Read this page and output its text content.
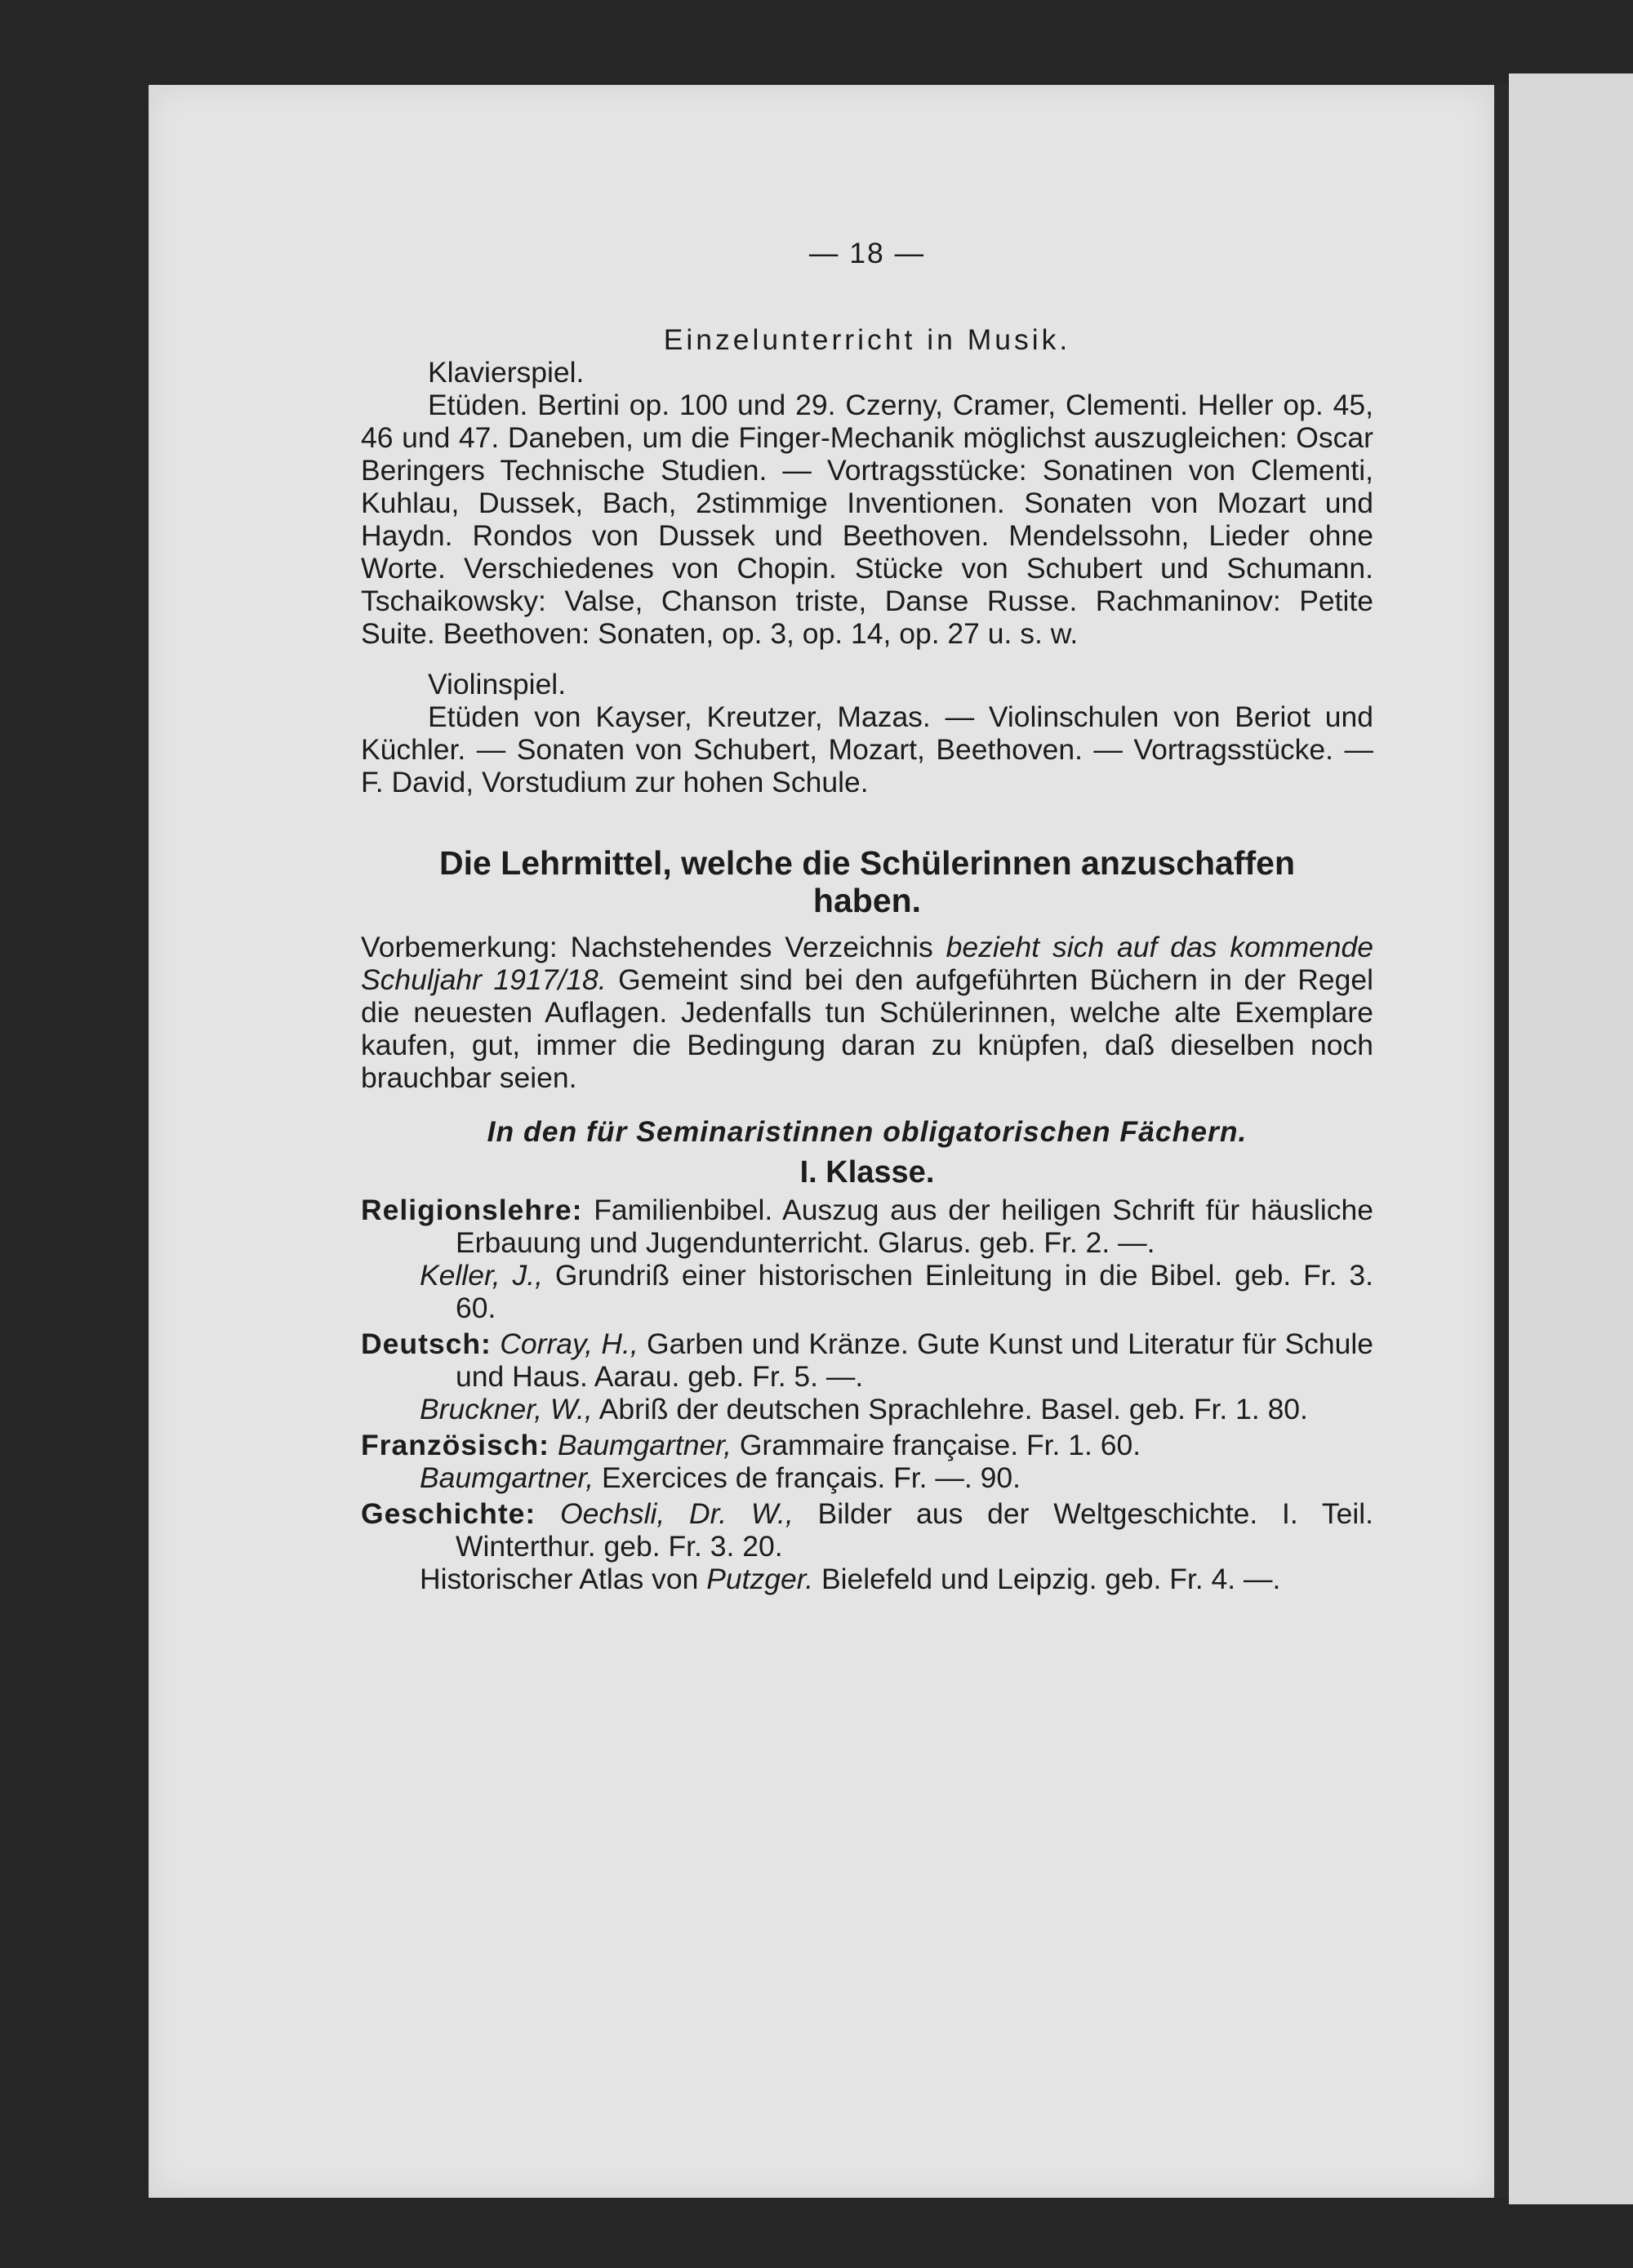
— 18 —
Einzelunterricht in Musik.
Klavierspiel.
Etüden. Bertini op. 100 und 29. Czerny, Cramer, Clementi. Heller op. 45, 46 und 47. Daneben, um die Finger-Mechanik möglichst auszugleichen: Oscar Beringers Technische Studien. — Vortragsstücke: Sonatinen von Clementi, Kuhlau, Dussek, Bach, 2stimmige Inventionen. Sonaten von Mozart und Haydn. Rondos von Dussek und Beethoven. Mendelssohn, Lieder ohne Worte. Verschiedenes von Chopin. Stücke von Schubert und Schumann. Tschaikowsky: Valse, Chanson triste, Danse Russe. Rachmaninov: Petite Suite. Beethoven: Sonaten, op. 3, op. 14, op. 27 u. s. w.
Violinspiel.
Etüden von Kayser, Kreutzer, Mazas. — Violinschulen von Beriot und Küchler. — Sonaten von Schubert, Mozart, Beethoven. — Vortragsstücke. — F. David, Vorstudium zur hohen Schule.
Die Lehrmittel, welche die Schülerinnen anzuschaffen haben.
Vorbemerkung: Nachstehendes Verzeichnis bezieht sich auf das kommende Schuljahr 1917/18. Gemeint sind bei den aufgeführten Büchern in der Regel die neuesten Auflagen. Jedenfalls tun Schülerinnen, welche alte Exemplare kaufen, gut, immer die Bedingung daran zu knüpfen, daß dieselben noch brauchbar seien.
In den für Seminaristinnen obligatorischen Fächern.
I. Klasse.
Religionslehre: Familienbibel. Auszug aus der heiligen Schrift für häusliche Erbauung und Jugendunterricht. Glarus. geb. Fr. 2. —.
Keller, J., Grundriß einer historischen Einleitung in die Bibel. geb. Fr. 3. 60.
Deutsch: Corray, H., Garben und Kränze. Gute Kunst und Literatur für Schule und Haus. Aarau. geb. Fr. 5. —.
Bruckner, W., Abriß der deutschen Sprachlehre. Basel. geb. Fr. 1. 80.
Französisch: Baumgartner, Grammaire française. Fr. 1. 60.
Baumgartner, Exercices de français. Fr. —. 90.
Geschichte: Oechsli, Dr. W., Bilder aus der Weltgeschichte. I. Teil. Winterthur. geb. Fr. 3. 20.
Historischer Atlas von Putzger. Bielefeld und Leipzig. geb. Fr. 4. —.
